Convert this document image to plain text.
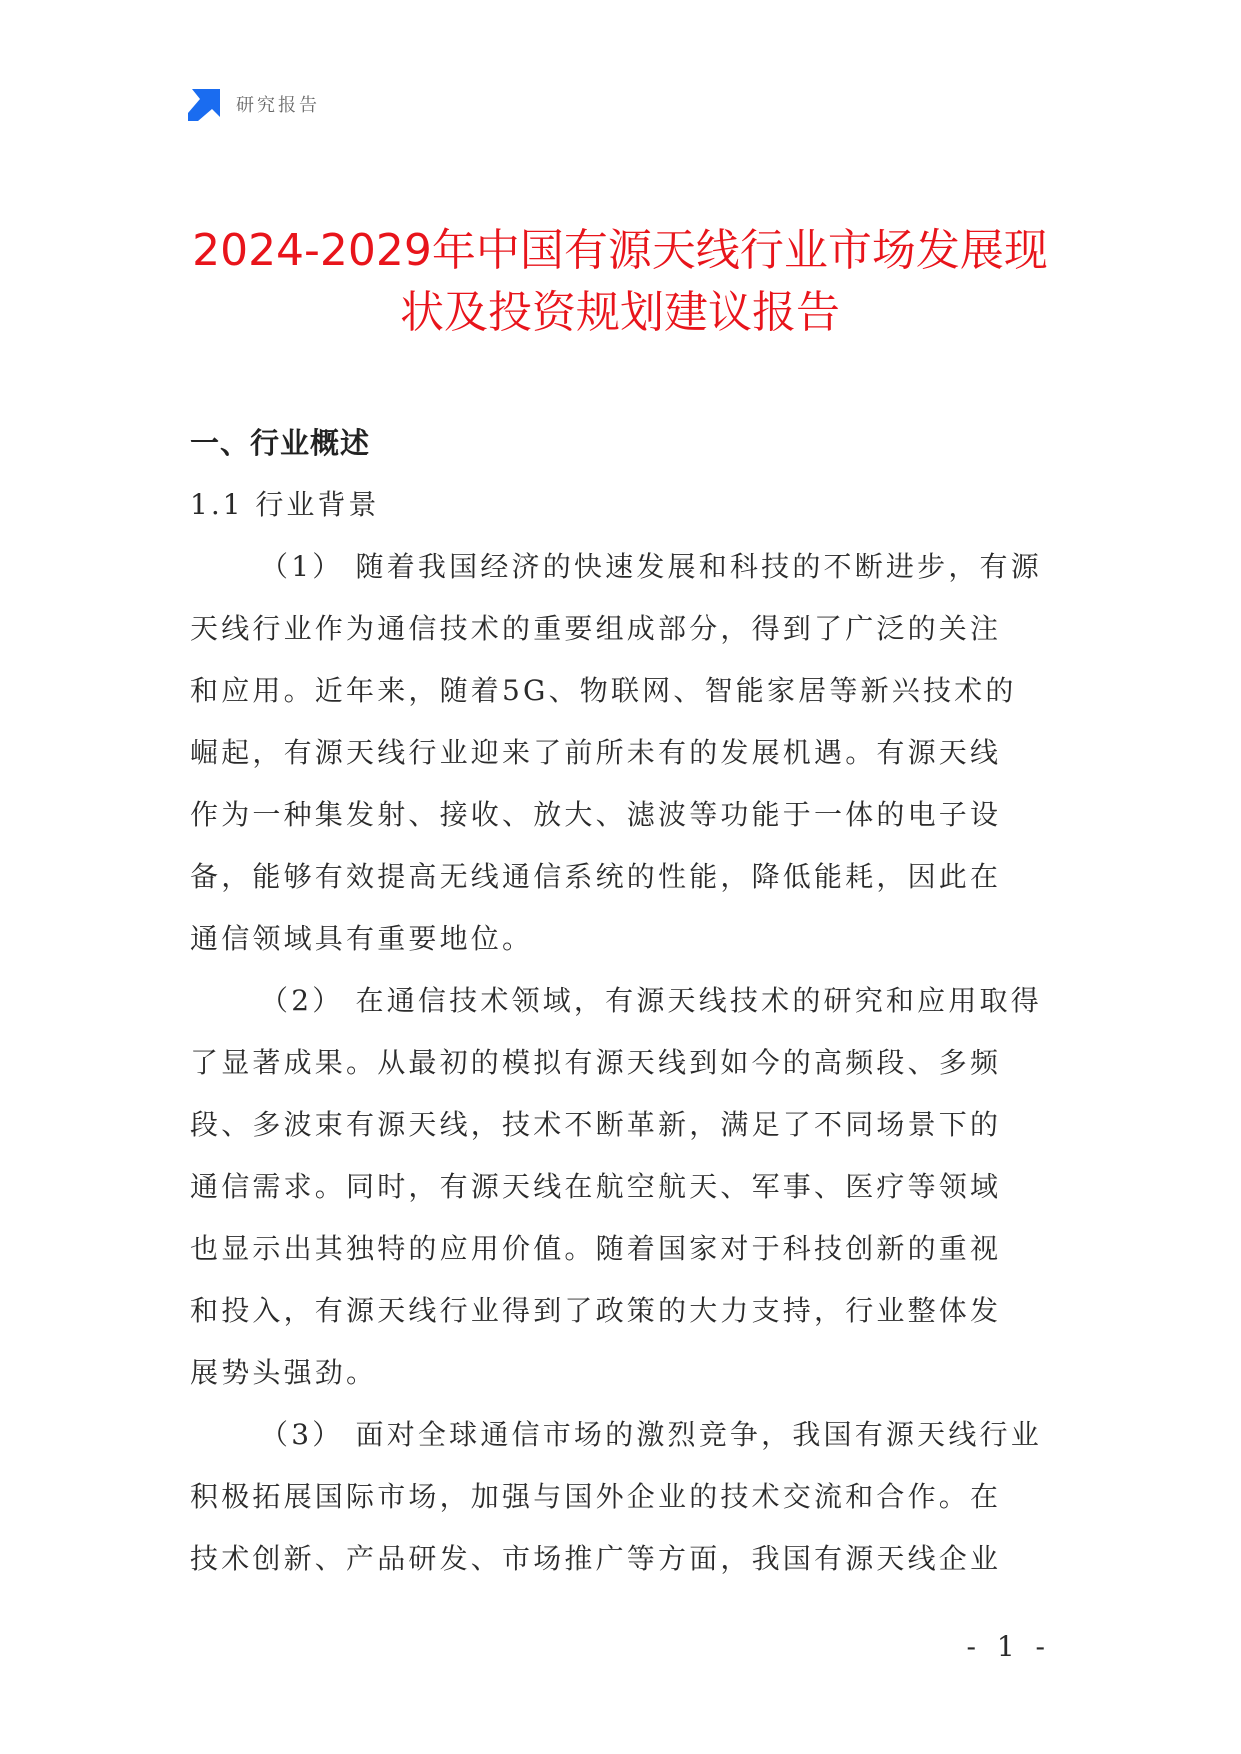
研究报告
2024-2029年中国有源天线行业市场发展现
状及投资规划建议报告

一、行业概述

1.1 行业背景

（1） 随着我国经济的快速发展和科技的不断进步，有源
天线行业作为通信技术的重要组成部分，得到了广泛的关注
和应用。近年来，随着5G、物联网、智能家居等新兴技术的
崛起，有源天线行业迎来了前所未有的发展机遇。有源天线
作为一种集发射、接收、放大、滤波等功能于一体的电子设
备，能够有效提高无线通信系统的性能，降低能耗，因此在
通信领域具有重要地位。

（2） 在通信技术领域，有源天线技术的研究和应用取得
了显著成果。从最初的模拟有源天线到如今的高频段、多频
段、多波束有源天线，技术不断革新，满足了不同场景下的
通信需求。同时，有源天线在航空航天、军事、医疗等领域
也显示出其独特的应用价值。随着国家对于科技创新的重视
和投入，有源天线行业得到了政策的大力支持，行业整体发
展势头强劲。

（3） 面对全球通信市场的激烈竞争，我国有源天线行业
积极拓展国际市场，加强与国外企业的技术交流和合作。在
技术创新、产品研发、市场推广等方面，我国有源天线企业

- 1 -
